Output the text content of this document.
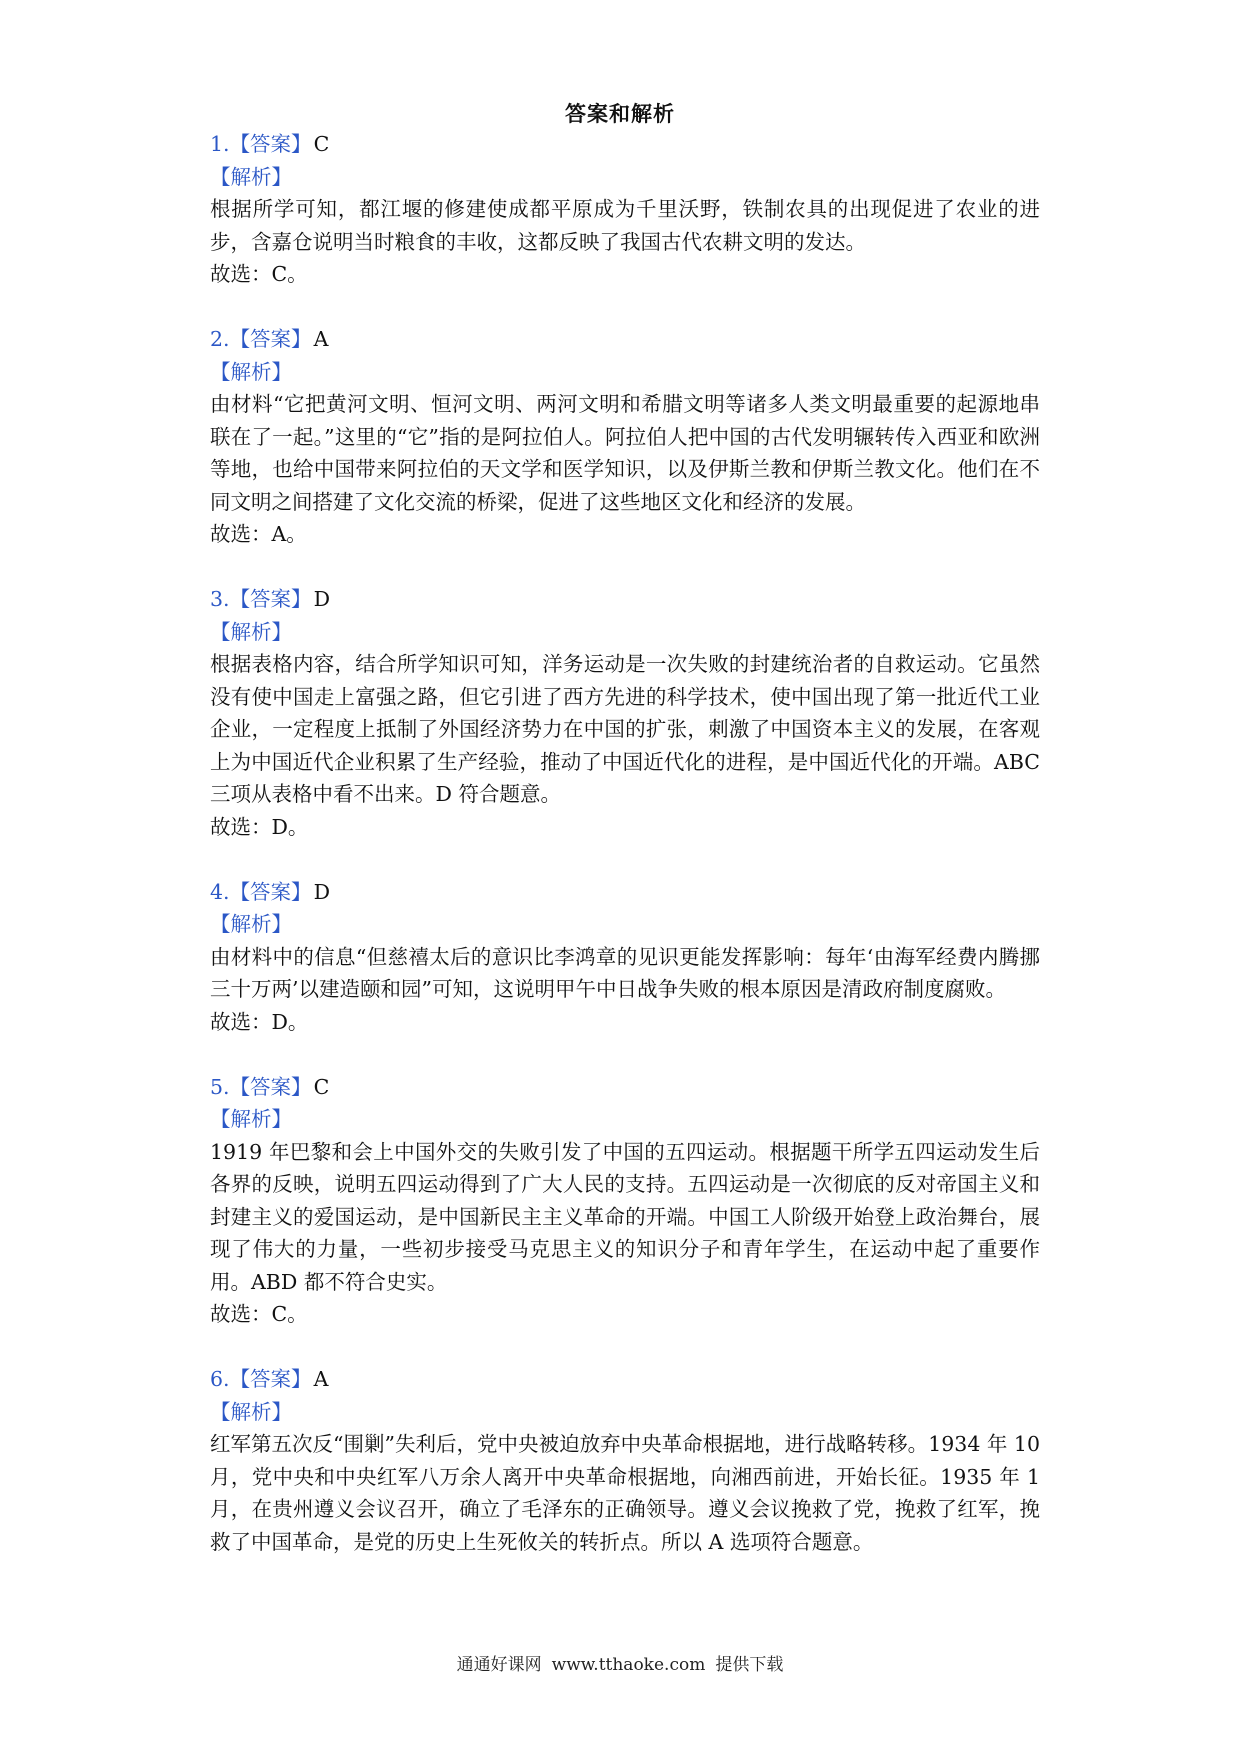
答案和解析
1.【答案】C
【解析】
根据所学可知，都江堰的修建使成都平原成为千里沃野，铁制农具的出现促进了农业的进步，含嘉仓说明当时粮食的丰收，这都反映了我国古代农耕文明的发达。
故选：C。
2.【答案】A
【解析】
由材料“它把黄河文明、恒河文明、两河文明和希腊文明等诸多人类文明最重要的起源地串联在了一起。”这里的“它”指的是阿拉伯人。阿拉伯人把中国的古代发明辗转传入西亚和欧洲等地，也给中国带来阿拉伯的天文学和医学知识，以及伊斯兰教和伊斯兰教文化。他们在不同文明之间搭建了文化交流的桥梁，促进了这些地区文化和经济的发展。
故选：A。
3.【答案】D
【解析】
根据表格内容，结合所学知识可知，洋务运动是一次失败的封建统治者的自救运动。它虽然没有使中国走上富强之路，但它引进了西方先进的科学技术，使中国出现了第一批近代工业企业，一定程度上抵制了外国经济势力在中国的扩张，刺激了中国资本主义的发展，在客观上为中国近代企业积累了生产经验，推动了中国近代化的进程，是中国近代化的开端。ABC 三项从表格中看不出来。D 符合题意。
故选：D。
4.【答案】D
【解析】
由材料中的信息“但慈禧太后的意识比李鸿章的见识更能发挥影响：每年‘由海军经费内腾挪三十万两’以建造颐和园”可知，这说明甲午中日战争失败的根本原因是清政府制度腐败。
故选：D。
5.【答案】C
【解析】
1919 年巴黎和会上中国外交的失败引发了中国的五四运动。根据题干所学五四运动发生后各界的反映，说明五四运动得到了广大人民的支持。五四运动是一次彻底的反对帝国主义和封建主义的爱国运动，是中国新民主主义革命的开端。中国工人阶级开始登上政治舞台，展现了伟大的力量，一些初步接受马克思主义的知识分子和青年学生，在运动中起了重要作用。ABD 都不符合史实。
故选：C。
6.【答案】A
【解析】
红军第五次反“围剿”失利后，党中央被迫放弃中央革命根据地，进行战略转移。1934 年 10 月，党中央和中央红军八万余人离开中央革命根据地，向湘西前进，开始长征。1935 年 1 月，在贵州遵义会议召开，确立了毛泽东的正确领导。遵义会议挽救了党，挽救了红军，挽救了中国革命，是党的历史上生死攸关的转折点。所以 A 选项符合题意。
通通好课网 www.tthaoke.com 提供下载
